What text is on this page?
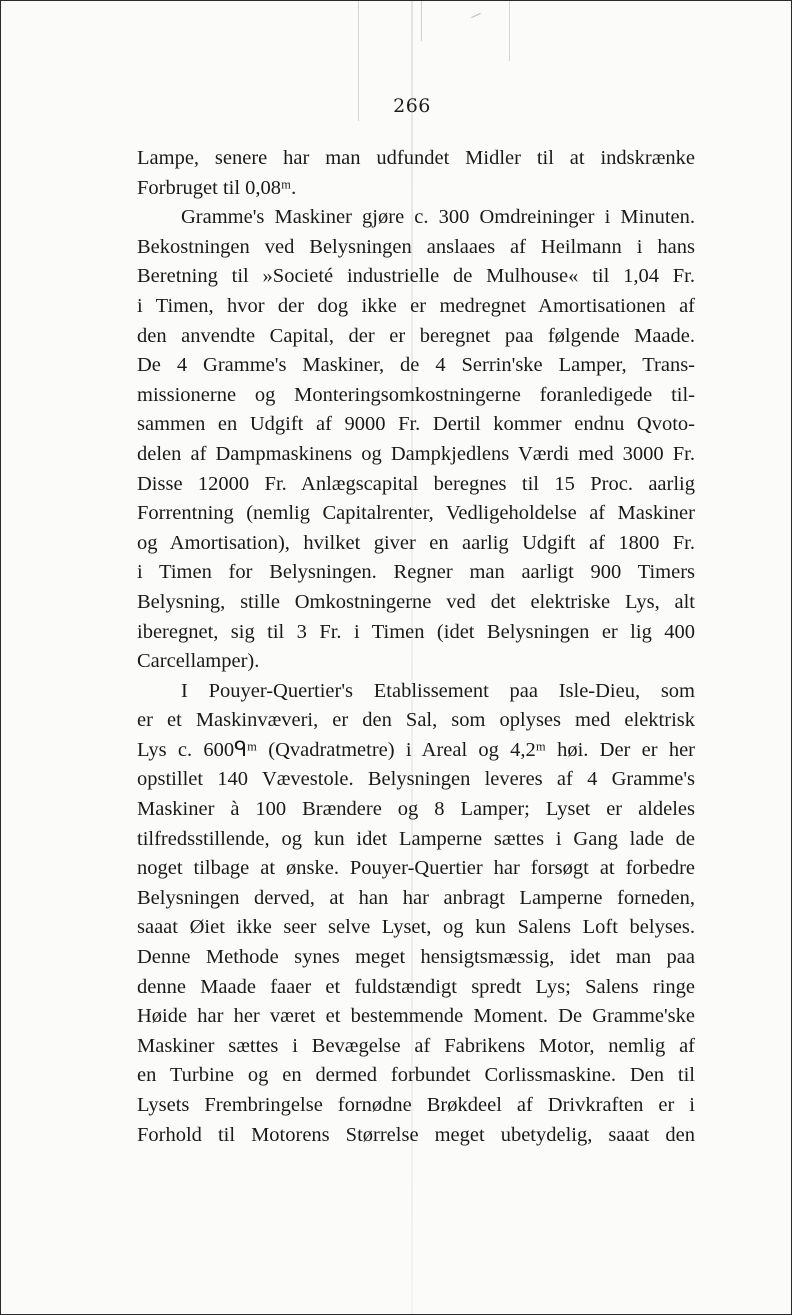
266
Lampe, senere har man udfundet Midler til at indskrænke
Forbruget til 0,08ᵐ.
Gramme's Maskiner gjøre c. 300 Omdreininger i Minuten.
Bekostningen ved Belysningen anslaaes af Heilmann i hans
Beretning til »Societé industrielle de Mulhouse« til 1,04 Fr.
i Timen, hvor der dog ikke er medregnet Amortisationen af
den anvendte Capital, der er beregnet paa følgende Maade.
De 4 Gramme's Maskiner, de 4 Serrin'ske Lamper, Trans-
missionerne og Monteringsomkostningerne foranledigede til-
sammen en Udgift af 9000 Fr. Dertil kommer endnu Qvoto-
delen af Dampmaskinens og Dampkjedlens Værdi med 3000 Fr.
Disse 12000 Fr. Anlægscapital beregnes til 15 Proc. aarlig
Forrentning (nemlig Capitalrenter, Vedligeholdelse af Maskiner
og Amortisation), hvilket giver en aarlig Udgift af 1800 Fr.
i Timen for Belysningen. Regner man aarligt 900 Timers
Belysning, stille Omkostningerne ved det elektriske Lys, alt
iberegnet, sig til 3 Fr. i Timen (idet Belysningen er lig 400
Carcellamper).
I Pouyer-Quertier's Etablissement paa Isle-Dieu, som
er et Maskinvæveri, er den Sal, som oplyses med elektrisk
Lys c. 600ᑫᵐ (Qvadratmetre) i Areal og 4,2ᵐ høi. Der er her
opstillet 140 Vævestole. Belysningen leveres af 4 Gramme's
Maskiner à 100 Brændere og 8 Lamper; Lyset er aldeles
tilfredsstillende, og kun idet Lamperne sættes i Gang lade de
noget tilbage at ønske. Pouyer-Quertier har forsøgt at forbedre
Belysningen derved, at han har anbragt Lamperne forneden,
saaat Øiet ikke seer selve Lyset, og kun Salens Loft belyses.
Denne Methode synes meget hensigtsmæssig, idet man paa
denne Maade faaer et fuldstændigt spredt Lys; Salens ringe
Høide har her været et bestemmende Moment. De Gramme'ske
Maskiner sættes i Bevægelse af Fabrikens Motor, nemlig af
en Turbine og en dermed forbundet Corlissmaskine. Den til
Lysets Frembringelse fornødne Brøkdeel af Drivkraften er i
Forhold til Motorens Størrelse meget ubetydelig, saaat den
